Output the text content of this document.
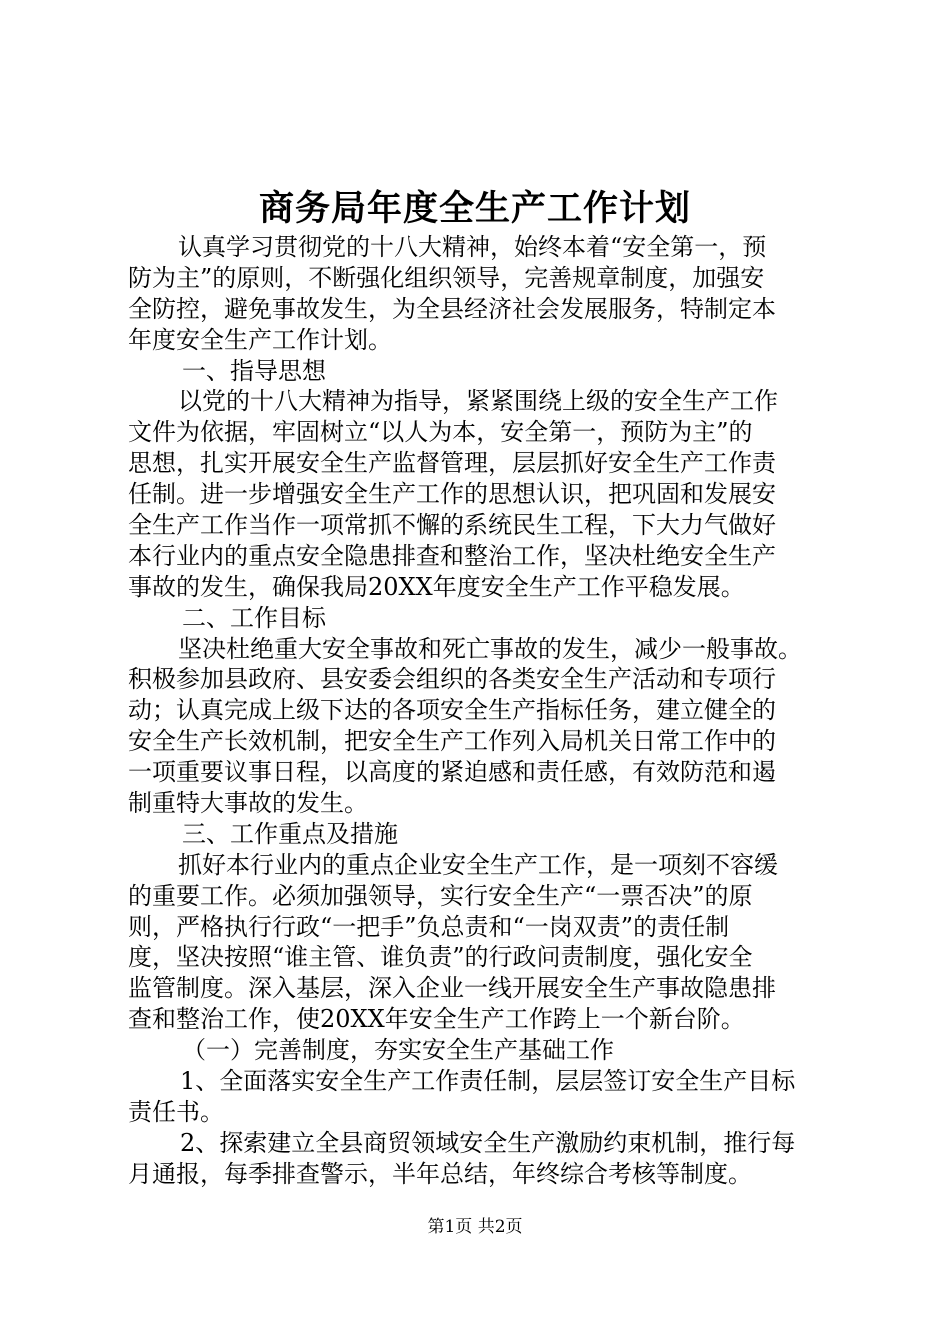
商务局年度全生产工作计划
认真学习贯彻党的十八大精神，始终本着“安全第一，预
防为主”的原则，不断强化组织领导，完善规章制度，加强安
全防控，避免事故发生，为全县经济社会发展服务，特制定本
年度安全生产工作计划。
一、指导思想
以党的十八大精神为指导，紧紧围绕上级的安全生产工作
文件为依据，牢固树立“以人为本，安全第一，预防为主”的
思想，扎实开展安全生产监督管理，层层抓好安全生产工作责
任制。进一步增强安全生产工作的思想认识，把巩固和发展安
全生产工作当作一项常抓不懈的系统民生工程，下大力气做好
本行业内的重点安全隐患排查和整治工作，坚决杜绝安全生产
事故的发生，确保我局20XX年度安全生产工作平稳发展。
二、工作目标
坚决杜绝重大安全事故和死亡事故的发生，减少一般事故。
积极参加县政府、县安委会组织的各类安全生产活动和专项行
动；认真完成上级下达的各项安全生产指标任务，建立健全的
安全生产长效机制，把安全生产工作列入局机关日常工作中的
一项重要议事日程，以高度的紧迫感和责任感，有效防范和遏
制重特大事故的发生。
三、工作重点及措施
抓好本行业内的重点企业安全生产工作，是一项刻不容缓
的重要工作。必须加强领导，实行安全生产“一票否决”的原
则，严格执行行政“一把手”负总责和“一岗双责”的责任制
度，坚决按照“谁主管、谁负责”的行政问责制度，强化安全
监管制度。深入基层，深入企业一线开展安全生产事故隐患排
查和整治工作，使20XX年安全生产工作跨上一个新台阶。
（一）完善制度，夯实安全生产基础工作
1、全面落实安全生产工作责任制，层层签订安全生产目标
责任书。
2、探索建立全县商贸领域安全生产激励约束机制，推行每
月通报，每季排查警示，半年总结，年终综合考核等制度。
第1页 共2页
